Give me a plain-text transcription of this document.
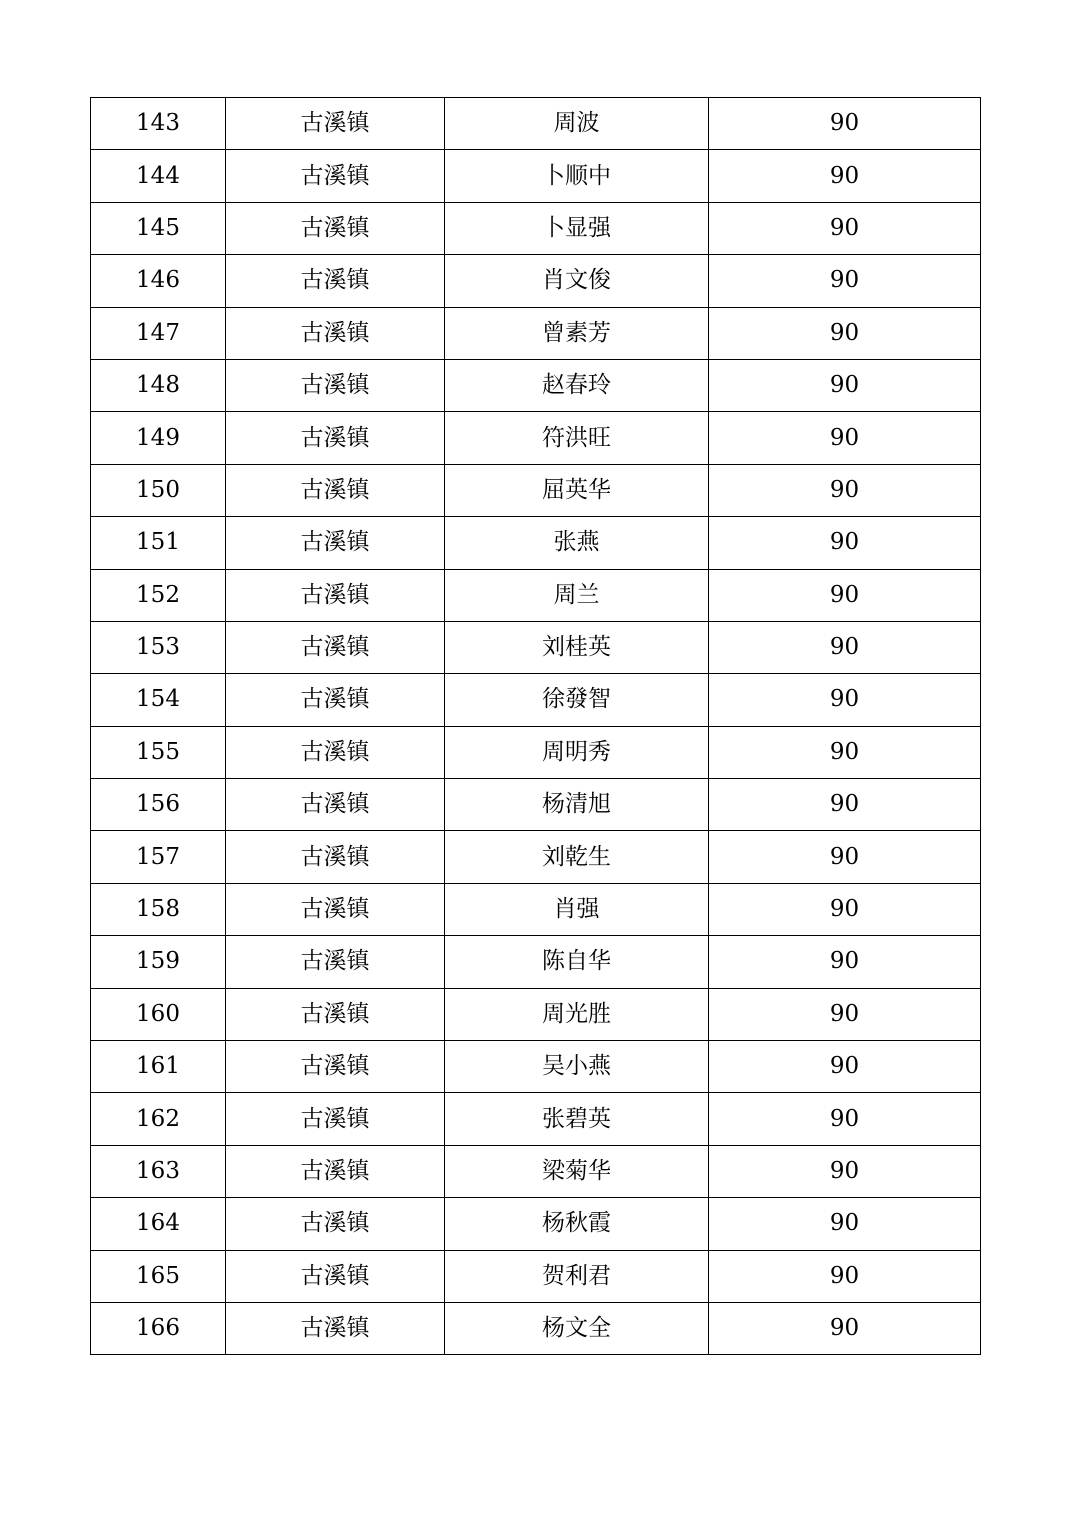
143	古溪镇	周波	90
144	古溪镇	卜顺中	90
145	古溪镇	卜显强	90
146	古溪镇	肖文俊	90
147	古溪镇	曾素芳	90
148	古溪镇	赵春玲	90
149	古溪镇	符洪旺	90
150	古溪镇	屈英华	90
151	古溪镇	张燕	90
152	古溪镇	周兰	90
153	古溪镇	刘桂英	90
154	古溪镇	徐發智	90
155	古溪镇	周明秀	90
156	古溪镇	杨清旭	90
157	古溪镇	刘乾生	90
158	古溪镇	肖强	90
159	古溪镇	陈自华	90
160	古溪镇	周光胜	90
161	古溪镇	吴小燕	90
162	古溪镇	张碧英	90
163	古溪镇	梁菊华	90
164	古溪镇	杨秋霞	90
165	古溪镇	贺利君	90
166	古溪镇	杨文全	90
